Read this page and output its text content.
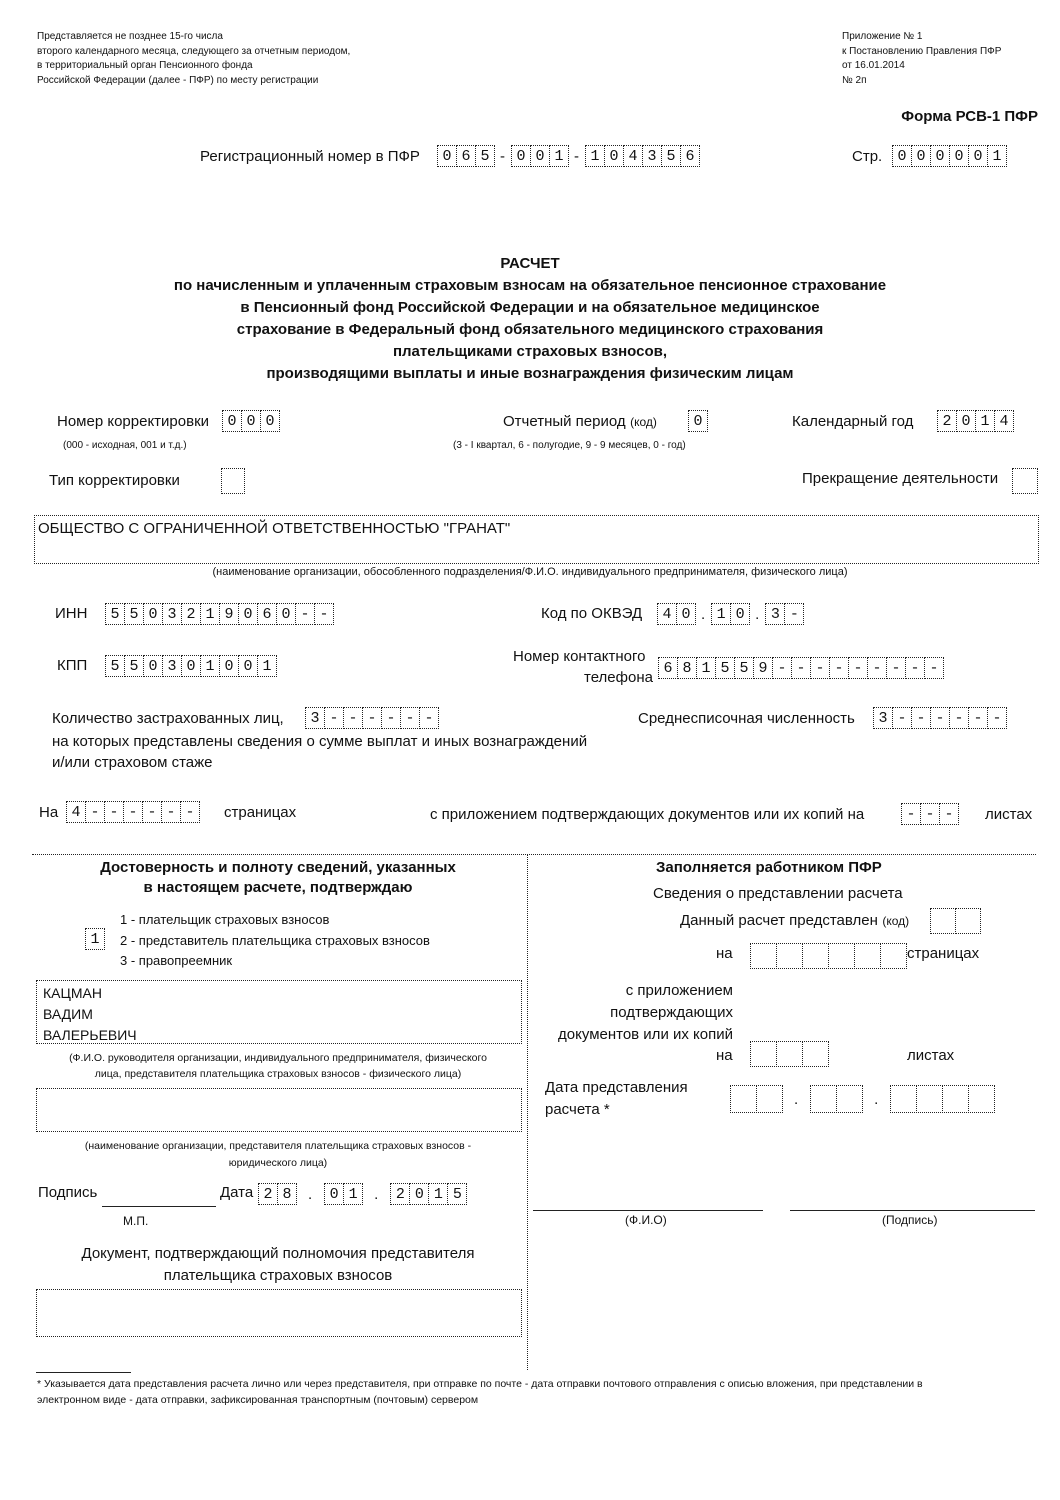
Представляется не позднее 15-го числа
второго календарного месяца, следующего за отчетным периодом,
в территориальный орган Пенсионного фонда
Российской Федерации (далее - ПФР) по месту регистрации
Приложение № 1
к Постановлению Правления ПФР
от 16.01.2014
№ 2п
Форма РСВ-1 ПФР
Регистрационный номер в ПФР	0 6 5 - 0 0 1 - 1 0 4 3 5 6	Стр.	0 0 0 0 0 1
РАСЧЕТ
по начисленным и уплаченным страховым взносам на обязательное пенсионное страхование
в Пенсионный фонд Российской Федерации и на обязательное медицинское
страхование в Федеральный фонд обязательного медицинского страхования
плательщиками страховых взносов,
производящими выплаты и иные вознаграждения физическим лицам
Номер корректировки	0 0 0
(000 - исходная, 001 и т.д.)
Отчетный период (код)	0
(3 - I квартал, 6 - полугодие, 9 - 9 месяцев, 0 - год)
Календарный год	2 0 1 4
Тип корректировки	Прекращение деятельности
ОБЩЕСТВО С ОГРАНИЧЕННОЙ ОТВЕТСТВЕННОСТЬЮ "ГРАНАТ"
(наименование организации, обособленного подразделения/Ф.И.О. индивидуального предпринимателя, физического лица)
ИНН	5 5 0 3 2 1 9 0 6 0 - -	Код по ОКВЭД	4 0 . 1 0 . 3 -
КПП	5 5 0 3 0 1 0 0 1
Номер контактного
телефона
6 8 1 5 5 9 - - - - - - - - -
Количество застрахованных лиц,
на которых представлены сведения о сумме выплат и иных вознаграждений
и/или страховом стаже
3 - - - - - -	Среднесписочная численность	3 - - - - - -
На 4 - - - - - -	страницах	с приложением подтверждающих документов или их копий на	- - -	листах
Достоверность и полноту сведений, указанных
в настоящем расчете, подтверждаю
1 - плательщик страховых взносов
2 - представитель плательщика страховых взносов
3 - правопреемник
1
КАЦМАН
ВАДИМ
ВАЛЕРЬЕВИЧ
(Ф.И.О. руководителя организации, индивидуального предпринимателя, физического
лица, представителя плательщика страховых взносов - физического лица)
(наименование организации, представителя плательщика страховых взносов -
юридического лица)
Подпись	Дата 2 8	.	0 1	.	2 0 1 5
М.П.
Документ, подтверждающий полномочия представителя
плательщика страховых взносов
Заполняется работником ПФР
Сведения о представлении расчета
Данный расчет представлен (код)
на	страницах
с приложением
подтверждающих
документов или их копий
на	листах
Дата представления
расчета *
.	.
(Ф.И.О)	(Подпись)
* Указывается дата представления расчета лично или через представителя, при отправке по почте - дата отправки почтового отправления с описью вложения, при представлении в
электронном виде - дата отправки, зафиксированная транспортным (почтовым) сервером
